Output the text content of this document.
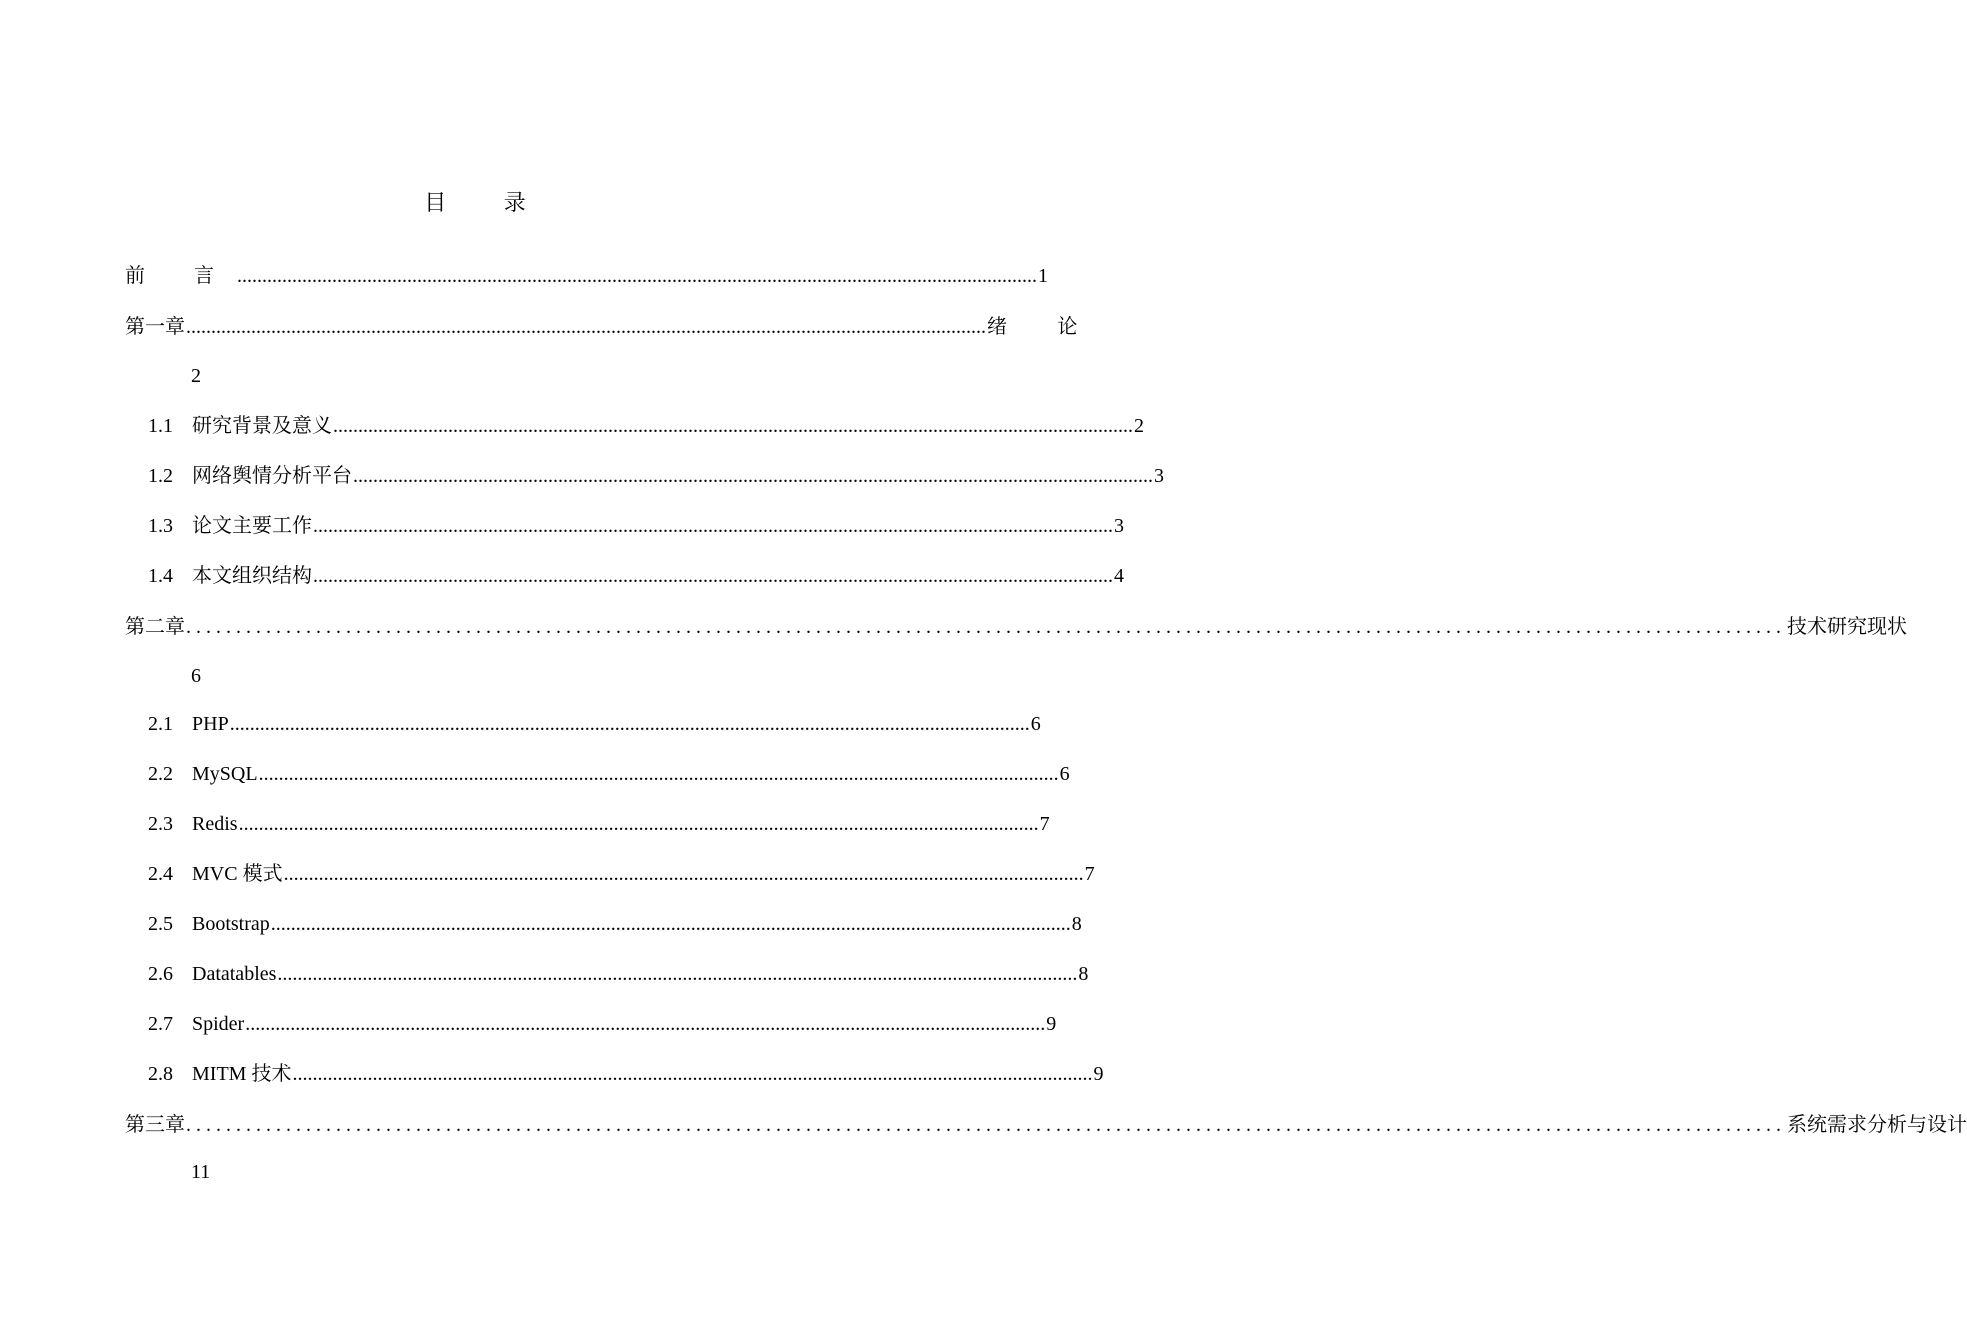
目 录
前 言 ................................................................................................................................................................ 1
第一章 ................................................................................................................................................................ 绪 论
2
1.1 研究背景及意义 ................................................................................................................................................................ 2
1.2 网络舆情分析平台 ................................................................................................................................................................ 3
1.3 论文主要工作 ................................................................................................................................................................ 3
1.4 本文组织结构 ................................................................................................................................................................ 4
第二章 ................................................................................................................................................................ 技术研究现状
6
2.1 PHP ................................................................................................................................................................ 6
2.2 MySQL ................................................................................................................................................................ 6
2.3 Redis ................................................................................................................................................................ 7
2.4 MVC 模式 ................................................................................................................................................................ 7
2.5 Bootstrap ................................................................................................................................................................ 8
2.6 Datatables ................................................................................................................................................................ 8
2.7 Spider ................................................................................................................................................................ 9
2.8 MITM 技术 ................................................................................................................................................................ 9
第三章 ................................................................................................................................................................ 系统需求分析与设计
11
